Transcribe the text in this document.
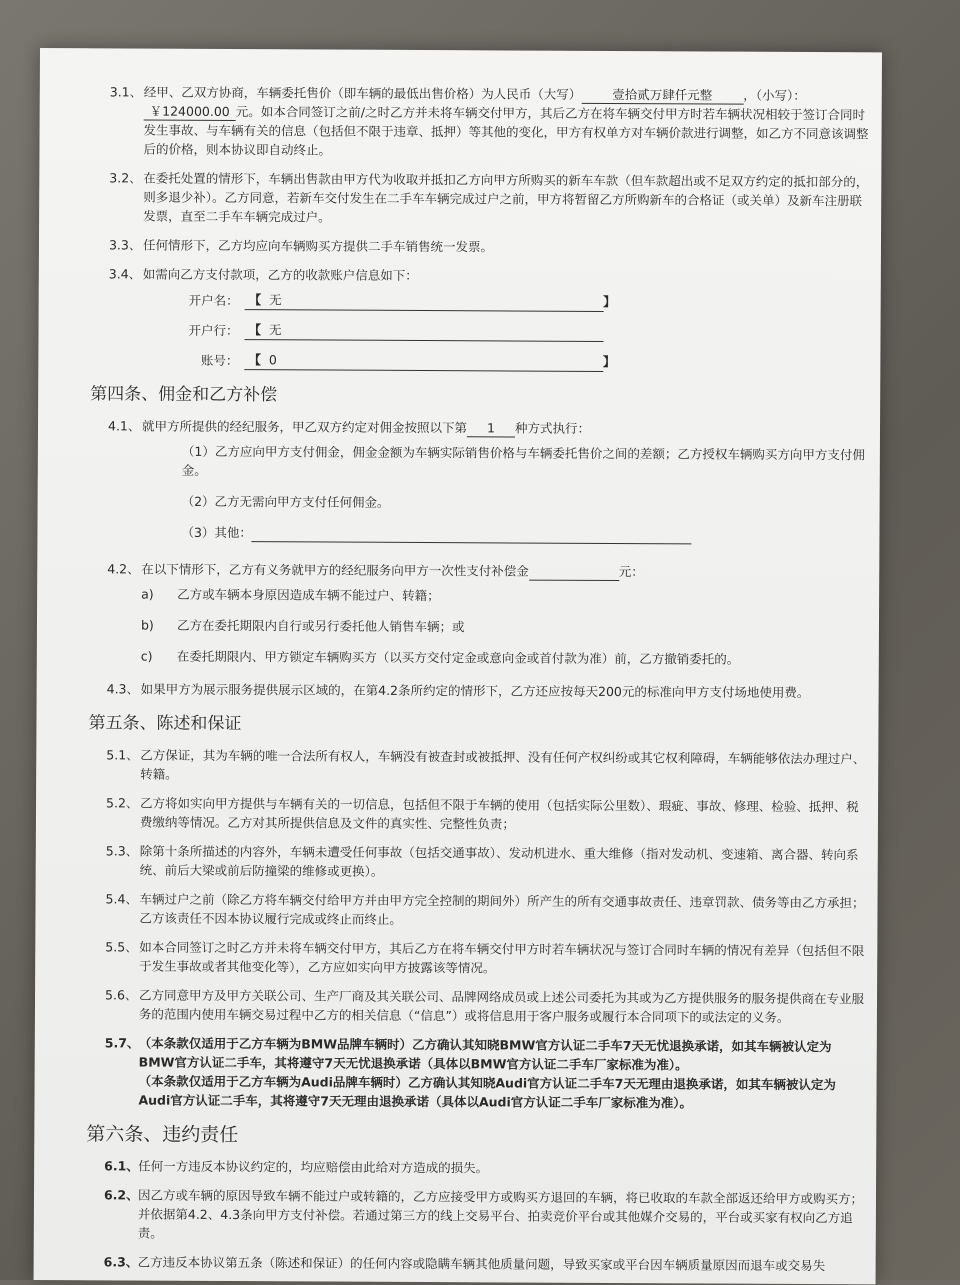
3.1、 经甲、乙双方协商，车辆委托售价（即车辆的最低出售价格）为人民币（大写） 壹拾贰万肆仟元整 ，（小写）：
￥124000.00 元。如本合同签订之前/之时乙方并未将车辆交付甲方，其后乙方在将车辆交付甲方时若车辆状况相较于签订合同时发生事故、与车辆有关的信息（包括但不限于违章、抵押）等其他的变化，甲方有权单方对车辆价款进行调整，如乙方不同意该调整后的价格，则本协议即自动终止。
3.2、 在委托处置的情形下，车辆出售款由甲方代为收取并抵扣乙方向甲方所购买的新车车款（但车款超出或不足双方约定的抵扣部分的，则多退少补）。乙方同意，若新车交付发生在二手车车辆完成过户之前，甲方将暂留乙方所购新车的合格证（或关单）及新车注册联发票，直至二手车车辆完成过户。
3.3、 任何情形下，乙方均应向车辆购买方提供二手车销售统一发票。
3.4、 如需向乙方支付款项，乙方的收款账户信息如下：
开户名： 【 无	】
开户行： 【 无
账号： 【 0	】
第四条、佣金和乙方补偿
4.1、 就甲方所提供的经纪服务，甲乙双方约定对佣金按照以下第 1 种方式执行：
（1）乙方应向甲方支付佣金，佣金金额为车辆实际销售价格与车辆委托售价之间的差额；乙方授权车辆购买方向甲方支付佣金。
（2）乙方无需向甲方支付任何佣金。
（3）其他：
4.2、 在以下情形下，乙方有义务就甲方的经纪服务向甲方一次性支付补偿金	元：
a) 乙方或车辆本身原因造成车辆不能过户、转籍；
b) 乙方在委托期限内自行或另行委托他人销售车辆；或
c) 在委托期限内、甲方锁定车辆购买方（以买方交付定金或意向金或首付款为准）前，乙方撤销委托的。
4.3、 如果甲方为展示服务提供展示区域的，在第4.2条所约定的情形下，乙方还应按每天200元的标准向甲方支付场地使用费。
第五条、陈述和保证
5.1、 乙方保证，其为车辆的唯一合法所有权人，车辆没有被查封或被抵押、没有任何产权纠纷或其它权利障碍，车辆能够依法办理过户、转籍。
5.2、 乙方将如实向甲方提供与车辆有关的一切信息，包括但不限于车辆的使用（包括实际公里数）、瑕疵、事故、修理、检验、抵押、税费缴纳等情况。乙方对其所提供信息及文件的真实性、完整性负责；
5.3、 除第十条所描述的内容外，车辆未遭受任何事故（包括交通事故）、发动机进水、重大维修（指对发动机、变速箱、离合器、转向系统、前后大梁或前后防撞梁的维修或更换）。
5.4、 车辆过户之前（除乙方将车辆交付给甲方并由甲方完全控制的期间外）所产生的所有交通事故责任、违章罚款、债务等由乙方承担；乙方该责任不因本协议履行完成或终止而终止。
5.5、 如本合同签订之时乙方并未将车辆交付甲方，其后乙方在将车辆交付甲方时若车辆状况与签订合同时车辆的情况有差异（包括但不限于发生事故或者其他变化等），乙方应如实向甲方披露该等情况。
5.6、 乙方同意甲方及甲方关联公司、生产厂商及其关联公司、品牌网络成员或上述公司委托为其或为乙方提供服务的服务提供商在专业服务的范围内使用车辆交易过程中乙方的相关信息（“信息”）或将信息用于客户服务或履行本合同项下的或法定的义务。
5.7、 （本条款仅适用于乙方车辆为BMW品牌车辆时）乙方确认其知晓BMW官方认证二手车7天无忧退换承诺，如其车辆被认定为BMW官方认证二手车，其将遵守7天无忧退换承诺（具体以BMW官方认证二手车厂家标准为准）。
（本条款仅适用于乙方车辆为Audi品牌车辆时）乙方确认其知晓Audi官方认证二手车7天无理由退换承诺，如其车辆被认定为Audi官方认证二手车，其将遵守7天无理由退换承诺（具体以Audi官方认证二手车厂家标准为准）。
第六条、违约责任
6.1、 任何一方违反本协议约定的，均应赔偿由此给对方造成的损失。
6.2、 因乙方或车辆的原因导致车辆不能过户或转籍的，乙方应接受甲方或购买方退回的车辆，将已收取的车款全部返还给甲方或购买方；并依据第4.2、4.3条向甲方支付补偿。若通过第三方的线上交易平台、拍卖竞价平台或其他媒介交易的，平台或买家有权向乙方追责。
6.3、 乙方违反本协议第五条（陈述和保证）的任何内容或隐瞒车辆其他质量问题，导致买家或平台因车辆质量原因而退车或交易失
